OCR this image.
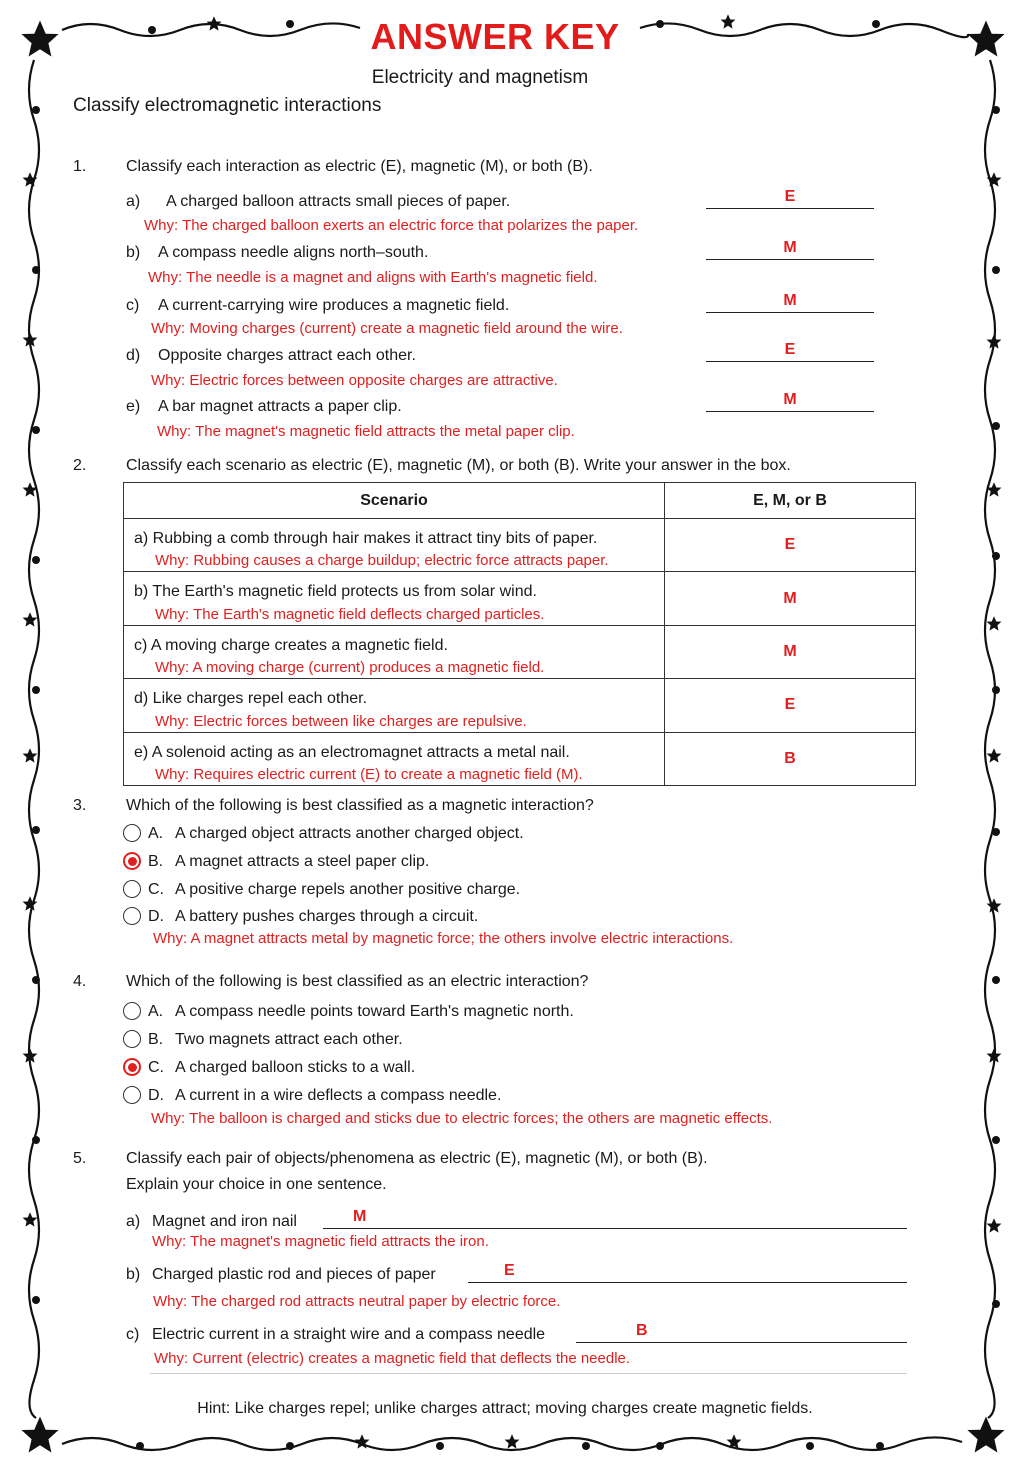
ANSWER KEY
Electricity and magnetism
Classify electromagnetic interactions
1. Classify each interaction as electric (E), magnetic (M), or both (B).
a) A charged balloon attracts small pieces of paper.
Why: The charged balloon exerts an electric force that polarizes the paper.
E
b) A compass needle aligns north–south.
Why: The needle is a magnet and aligns with Earth's magnetic field.
M
c) A current-carrying wire produces a magnetic field.
Why: Moving charges (current) create a magnetic field around the wire.
M
d) Opposite charges attract each other.
Why: Electric forces between opposite charges are attractive.
E
e) A bar magnet attracts a paper clip.
Why: The magnet's magnetic field attracts the metal paper clip.
M
2. Classify each scenario as electric (E), magnetic (M), or both (B). Write your answer in the box.
Scenario	E, M, or B
a) Rubbing a comb through hair makes it attract tiny bits of paper.
Why: Rubbing causes a charge buildup; electric force attracts paper.	E
b) The Earth's magnetic field protects us from solar wind.
Why: The Earth's magnetic field deflects charged particles.	M
c) A moving charge creates a magnetic field.
Why: A moving charge (current) produces a magnetic field.	M
d) Like charges repel each other.
Why: Electric forces between like charges are repulsive.	E
e) A solenoid acting as an electromagnet attracts a metal nail.
Why: Requires electric current (E) to create a magnetic field (M).	B
3. Which of the following is best classified as a magnetic interaction?
A. A charged object attracts another charged object.
B. A magnet attracts a steel paper clip.
C. A positive charge repels another positive charge.
D. A battery pushes charges through a circuit.
Why: A magnet attracts metal by magnetic force; the others involve electric interactions.
4. Which of the following is best classified as an electric interaction?
A. A compass needle points toward Earth's magnetic north.
B. Two magnets attract each other.
C. A charged balloon sticks to a wall.
D. A current in a wire deflects a compass needle.
Why: The balloon is charged and sticks due to electric forces; the others are magnetic effects.
5. Classify each pair of objects/phenomena as electric (E), magnetic (M), or both (B).
Explain your choice in one sentence.
a) Magnet and iron nail	M
Why: The magnet's magnetic field attracts the iron.
b) Charged plastic rod and pieces of paper	E
Why: The charged rod attracts neutral paper by electric force.
c) Electric current in a straight wire and a compass needle	B
Why: Current (electric) creates a magnetic field that deflects the needle.
Hint: Like charges repel; unlike charges attract; moving charges create magnetic fields.
